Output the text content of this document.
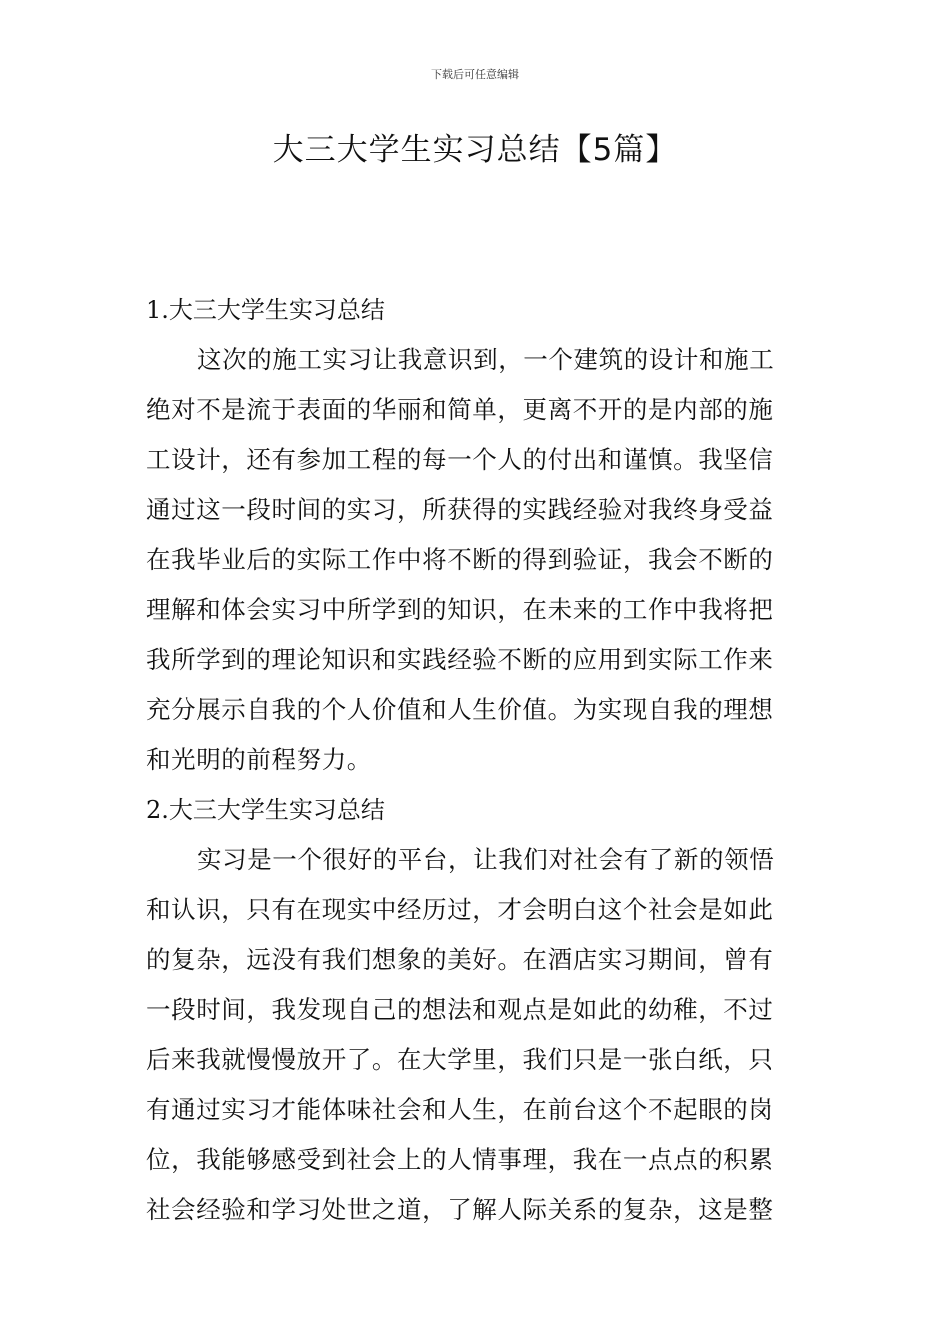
下载后可任意编辑
大三大学生实习总结【5篇】
1.大三大学生实习总结
这次的施工实习让我意识到，一个建筑的设计和施工
绝对不是流于表面的华丽和简单，更离不开的是内部的施
工设计，还有参加工程的每一个人的付出和谨慎。我坚信
通过这一段时间的实习，所获得的实践经验对我终身受益
在我毕业后的实际工作中将不断的得到验证，我会不断的
理解和体会实习中所学到的知识，在未来的工作中我将把
我所学到的理论知识和实践经验不断的应用到实际工作来
充分展示自我的个人价值和人生价值。为实现自我的理想
和光明的前程努力。
2.大三大学生实习总结
实习是一个很好的平台，让我们对社会有了新的领悟
和认识，只有在现实中经历过，才会明白这个社会是如此
的复杂，远没有我们想象的美好。在酒店实习期间，曾有
一段时间，我发现自己的想法和观点是如此的幼稚，不过
后来我就慢慢放开了。在大学里，我们只是一张白纸，只
有通过实习才能体味社会和人生，在前台这个不起眼的岗
位，我能够感受到社会上的人情事理，我在一点点的积累
社会经验和学习处世之道，了解人际关系的复杂，这是整
